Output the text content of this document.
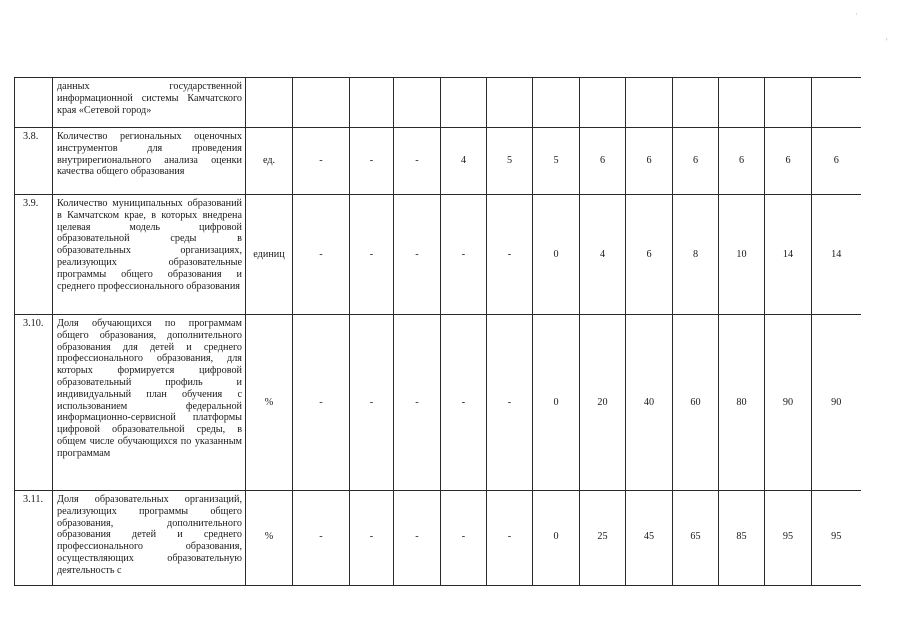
	данных государственной информационной системы Камчатского края «Сетевой город»													
3.8.	Количество региональных оценочных инструментов для проведения внутрирегионального анализа оценки качества общего образования	ед.	-	-	-	4	5	5	6	6	6	6	6	6
3.9.	Количество муниципальных образований в Камчатском крае, в которых внедрена целевая модель цифровой образовательной среды в образовательных организациях, реализующих образовательные программы общего образования и среднего профессионального образования	единиц	-	-	-	-	-	0	4	6	8	10	14	14
3.10.	Доля обучающихся по программам общего образования, дополнительного образования для детей и среднего профессионального образования, для которых формируется цифровой образовательный профиль и индивидуальный план обучения с использованием федеральной информационно-сервисной платформы цифровой образовательной среды, в общем числе обучающихся по указанным программам	%	-	-	-	-	-	0	20	40	60	80	90	90
3.11.	Доля образовательных организаций, реализующих программы общего образования, дополнительного образования детей и среднего профессионального образования, осуществляющих образовательную деятельность с	%	-	-	-	-	-	0	25	45	65	85	95	95
·
ʹ
